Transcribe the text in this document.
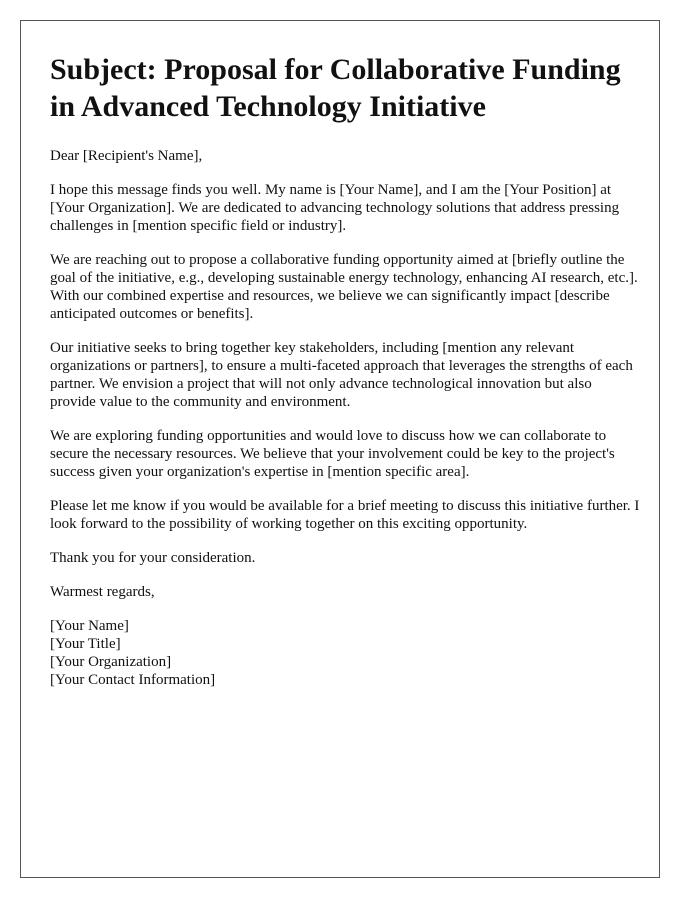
Subject: Proposal for Collaborative Funding in Advanced Technology Initiative

Dear [Recipient's Name],

I hope this message finds you well. My name is [Your Name], and I am the [Your Position] at [Your Organization]. We are dedicated to advancing technology solutions that address pressing challenges in [mention specific field or industry].

We are reaching out to propose a collaborative funding opportunity aimed at [briefly outline the goal of the initiative, e.g., developing sustainable energy technology, enhancing AI research, etc.]. With our combined expertise and resources, we believe we can significantly impact [describe anticipated outcomes or benefits].

Our initiative seeks to bring together key stakeholders, including [mention any relevant organizations or partners], to ensure a multi-faceted approach that leverages the strengths of each partner. We envision a project that will not only advance technological innovation but also provide value to the community and environment.

We are exploring funding opportunities and would love to discuss how we can collaborate to secure the necessary resources. We believe that your involvement could be key to the project's success given your organization's expertise in [mention specific area].

Please let me know if you would be available for a brief meeting to discuss this initiative further. I look forward to the possibility of working together on this exciting opportunity.

Thank you for your consideration.

Warmest regards,

[Your Name]
[Your Title]
[Your Organization]
[Your Contact Information]
